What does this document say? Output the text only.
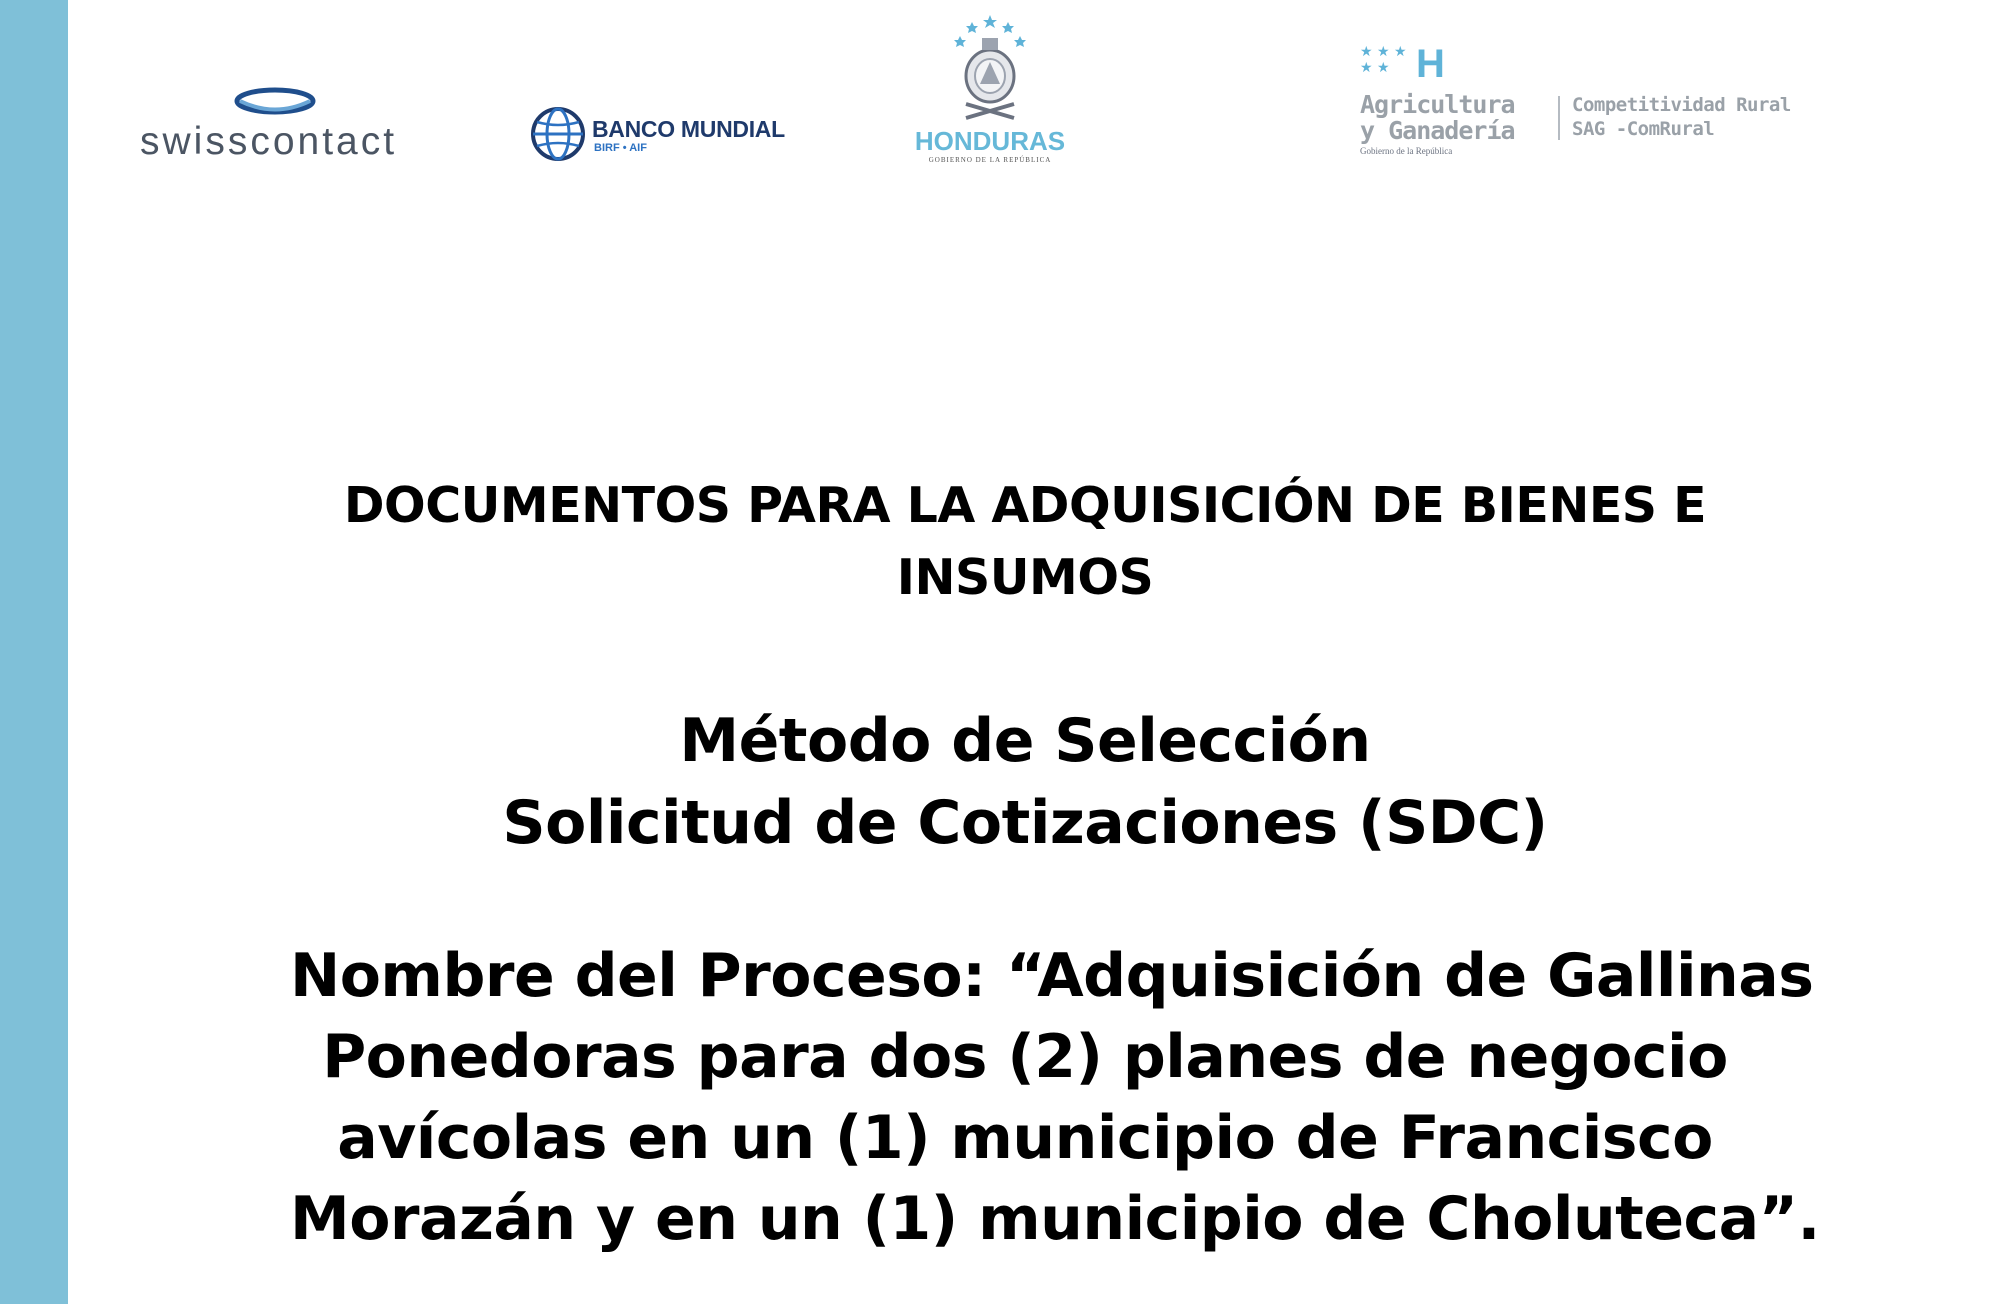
swisscontact	BANCO MUNDIAL
BIRF • AIF	HONDURAS
GOBIERNO DE LA REPÚBLICA
★ ★ ★
★ ★ H
Agricultura
y Ganadería
Gobierno de la República
Competitividad Rural
SAG -ComRural
DOCUMENTOS PARA LA ADQUISICIÓN DE BIENES E
INSUMOS
Método de Selección
Solicitud de Cotizaciones (SDC)
Nombre del Proceso: “Adquisición de Gallinas
Ponedoras para dos (2) planes de negocio
avícolas en un (1) municipio de Francisco
Morazán y en un (1) municipio de Choluteca”.
